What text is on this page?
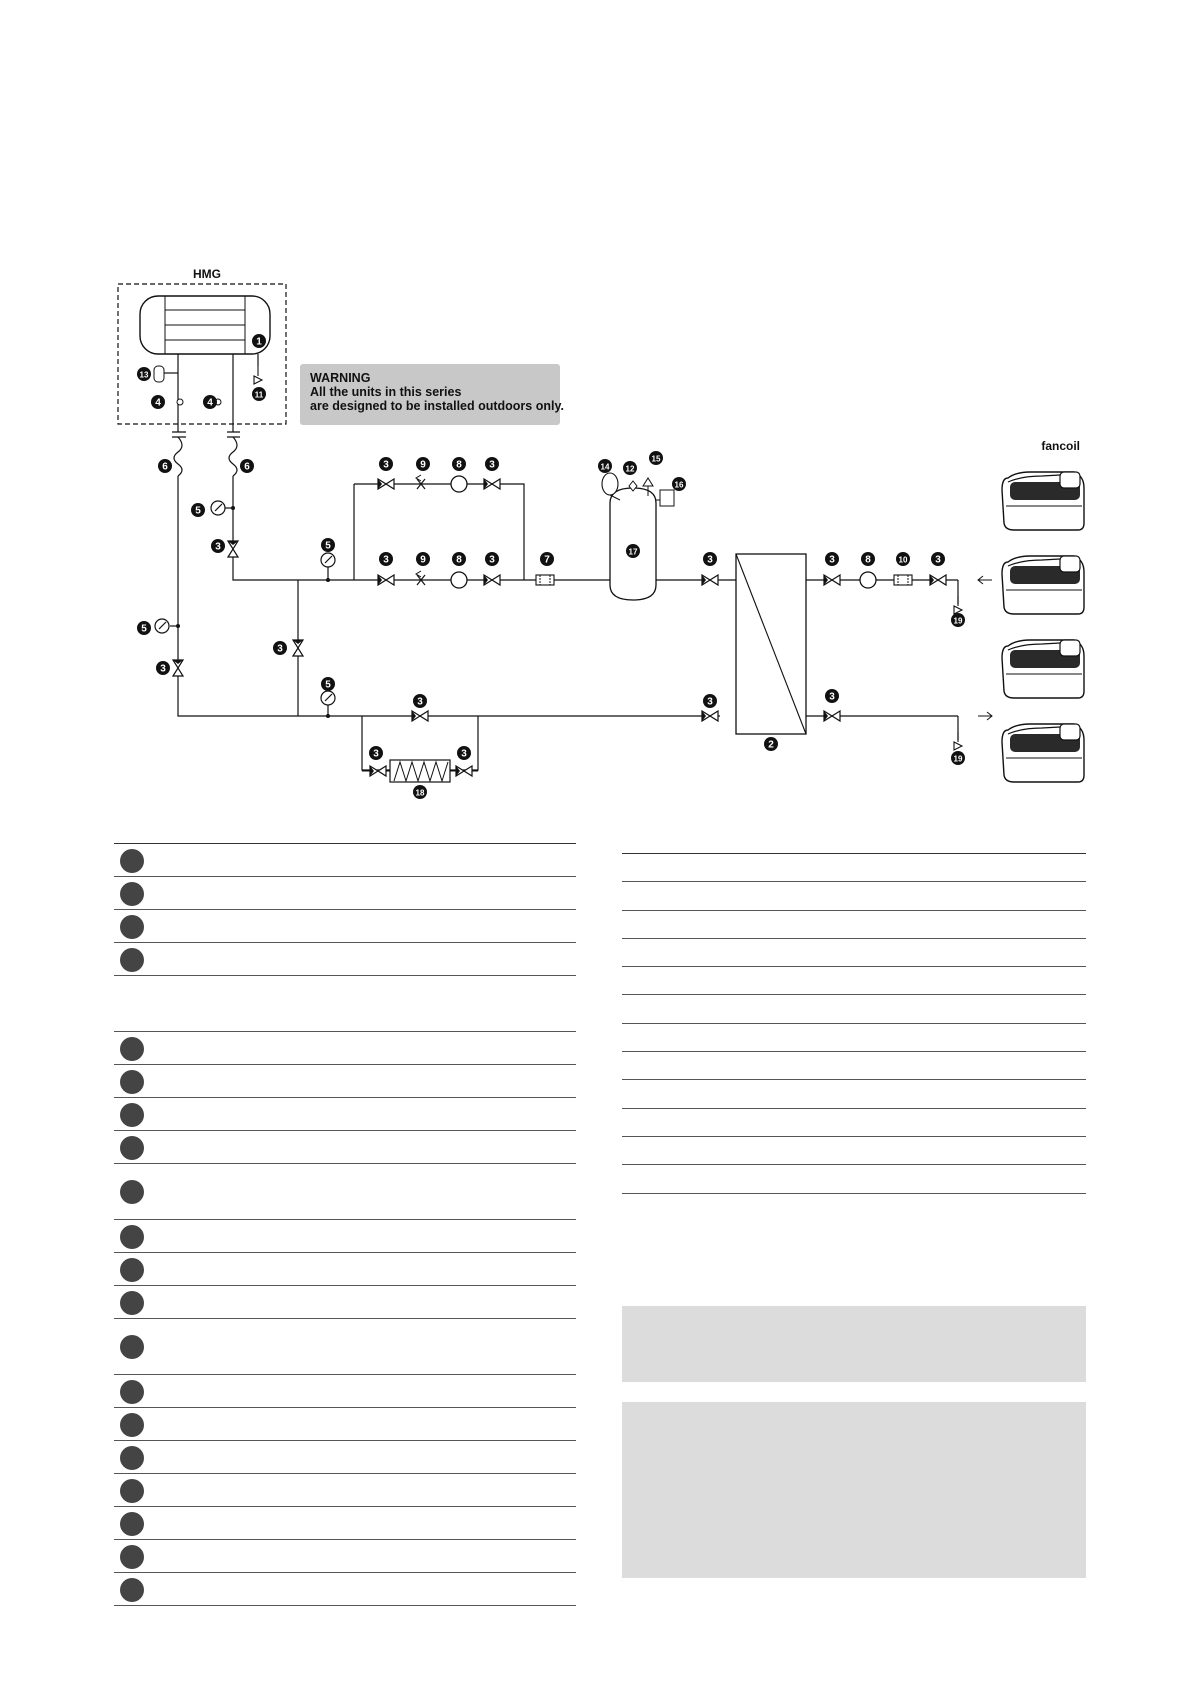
HMG
fancoil
1
11
13
4	4
6	6
5
3
5
3
3
5
5
3	9	8	3
3	9	8	3	7
14 12
15
16
17
3	3	8	10	3
3	3	3
2
3	3
18
19
19
WARNING
All the units in this series
are designed to be installed outdoors only.
